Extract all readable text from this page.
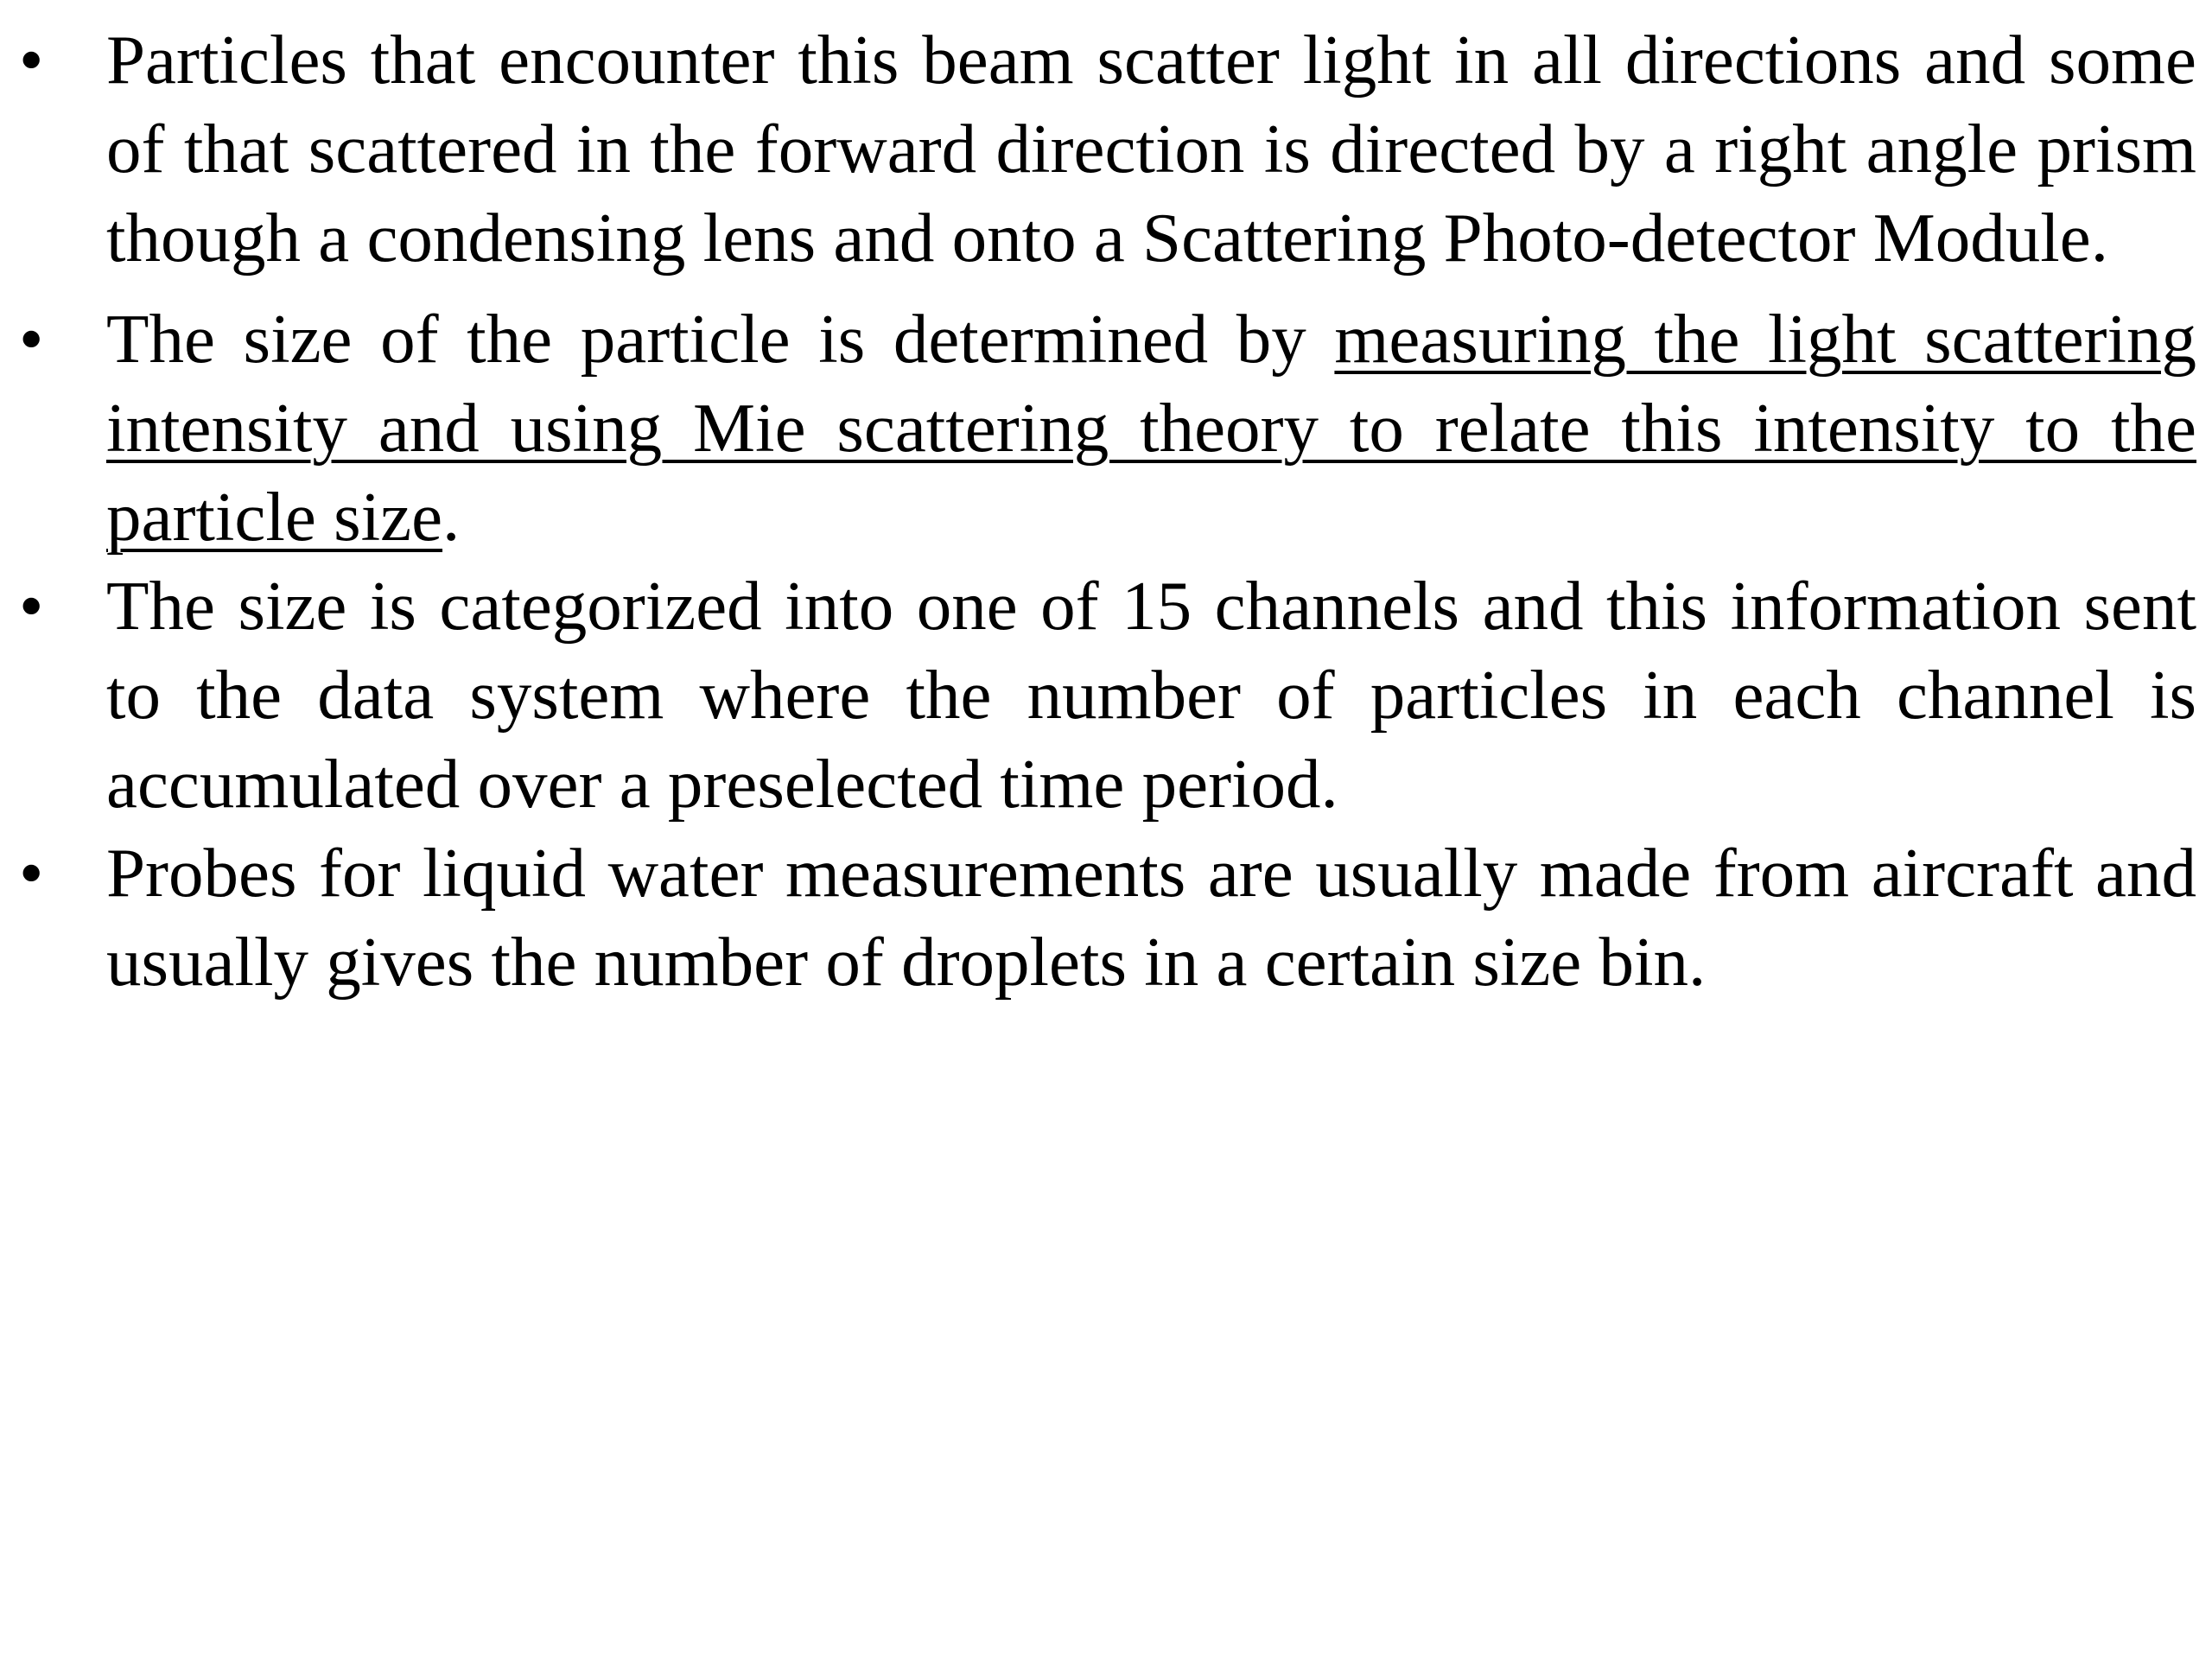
• Particles that encounter this beam scatter light in all directions and some of that scattered in the forward direction is directed by a right angle prism though a condensing lens and onto a Scattering Photo-detector Module.
• The size of the particle is determined by measuring the light scattering intensity and using Mie scattering theory to relate this intensity to the particle size.
• The size is categorized into one of 15 channels and this information sent to the data system where the number of particles in each channel is accumulated over a preselected time period.
• Probes for liquid water measurements are usually made from aircraft and usually gives the number of droplets in a certain size bin.
